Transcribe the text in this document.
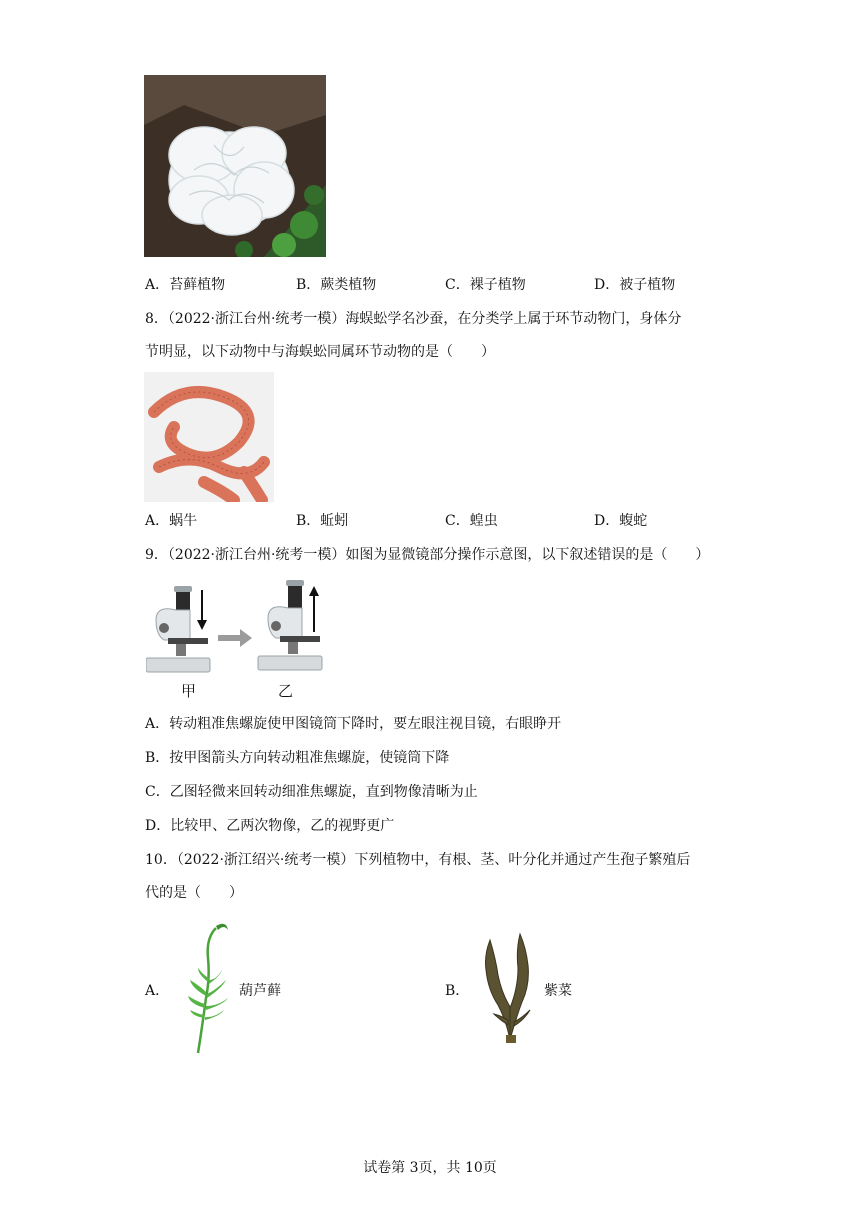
A．苔藓植物	B．蕨类植物	C．裸子植物	D．被子植物
8．（2022·浙江台州·统考一模）海蜈蚣学名沙蚕，在分类学上属于环节动物门，身体分
节明显，以下动物中与海蜈蚣同属环节动物的是（　　）
A．蜗牛	B．蚯蚓	C．蝗虫	D．蝮蛇
9．（2022·浙江台州·统考一模）如图为显微镜部分操作示意图，以下叙述错误的是（　　）
甲	乙
A．转动粗准焦螺旋使甲图镜筒下降时，要左眼注视目镜，右眼睁开
B．按甲图箭头方向转动粗准焦螺旋，使镜筒下降
C．乙图轻微来回转动细准焦螺旋，直到物像清晰为止
D．比较甲、乙两次物像，乙的视野更广
10．（2022·浙江绍兴·统考一模）下列植物中，有根、茎、叶分化并通过产生孢子繁殖后
代的是（　　）
A．	葫芦藓	B．	紫菜
试卷第 3页，共 10页
